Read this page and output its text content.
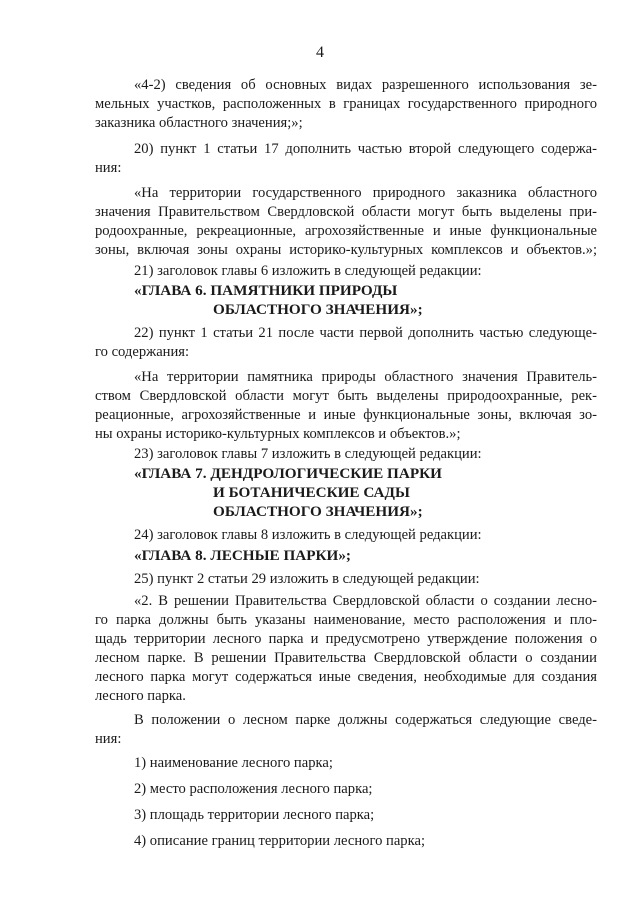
4
«4-2) сведения об основных видах разрешенного использования зе-
мельных участков, расположенных в границах государственного природного
заказника областного значения;»;
20) пункт 1 статьи 17 дополнить частью второй следующего содержа-
ния:
«На территории государственного природного заказника областного
значения Правительством Свердловской области могут быть выделены при-
родоохранные, рекреационные, агрохозяйственные и иные функциональные
зоны, включая зоны охраны историко-культурных комплексов и объектов.»;
21) заголовок главы 6 изложить в следующей редакции:
«ГЛАВА 6. ПАМЯТНИКИ ПРИРОДЫ
ОБЛАСТНОГО ЗНАЧЕНИЯ»;
22) пункт 1 статьи 21 после части первой дополнить частью следующе-
го содержания:
«На территории памятника природы областного значения Правитель-
ством Свердловской области могут быть выделены природоохранные, рек-
реационные, агрохозяйственные и иные функциональные зоны, включая зо-
ны охраны историко-культурных комплексов и объектов.»;
23) заголовок главы 7 изложить в следующей редакции:
«ГЛАВА 7. ДЕНДРОЛОГИЧЕСКИЕ ПАРКИ
И БОТАНИЧЕСКИЕ САДЫ
ОБЛАСТНОГО ЗНАЧЕНИЯ»;
24) заголовок главы 8 изложить в следующей редакции:
«ГЛАВА 8. ЛЕСНЫЕ ПАРКИ»;
25) пункт 2 статьи 29 изложить в следующей редакции:
«2. В решении Правительства Свердловской области о создании лесно-
го парка должны быть указаны наименование, место расположения и пло-
щадь территории лесного парка и предусмотрено утверждение положения о
лесном парке. В решении Правительства Свердловской области о создании
лесного парка могут содержаться иные сведения, необходимые для создания
лесного парка.
В положении о лесном парке должны содержаться следующие сведе-
ния:
1) наименование лесного парка;
2) место расположения лесного парка;
3) площадь территории лесного парка;
4) описание границ территории лесного парка;
